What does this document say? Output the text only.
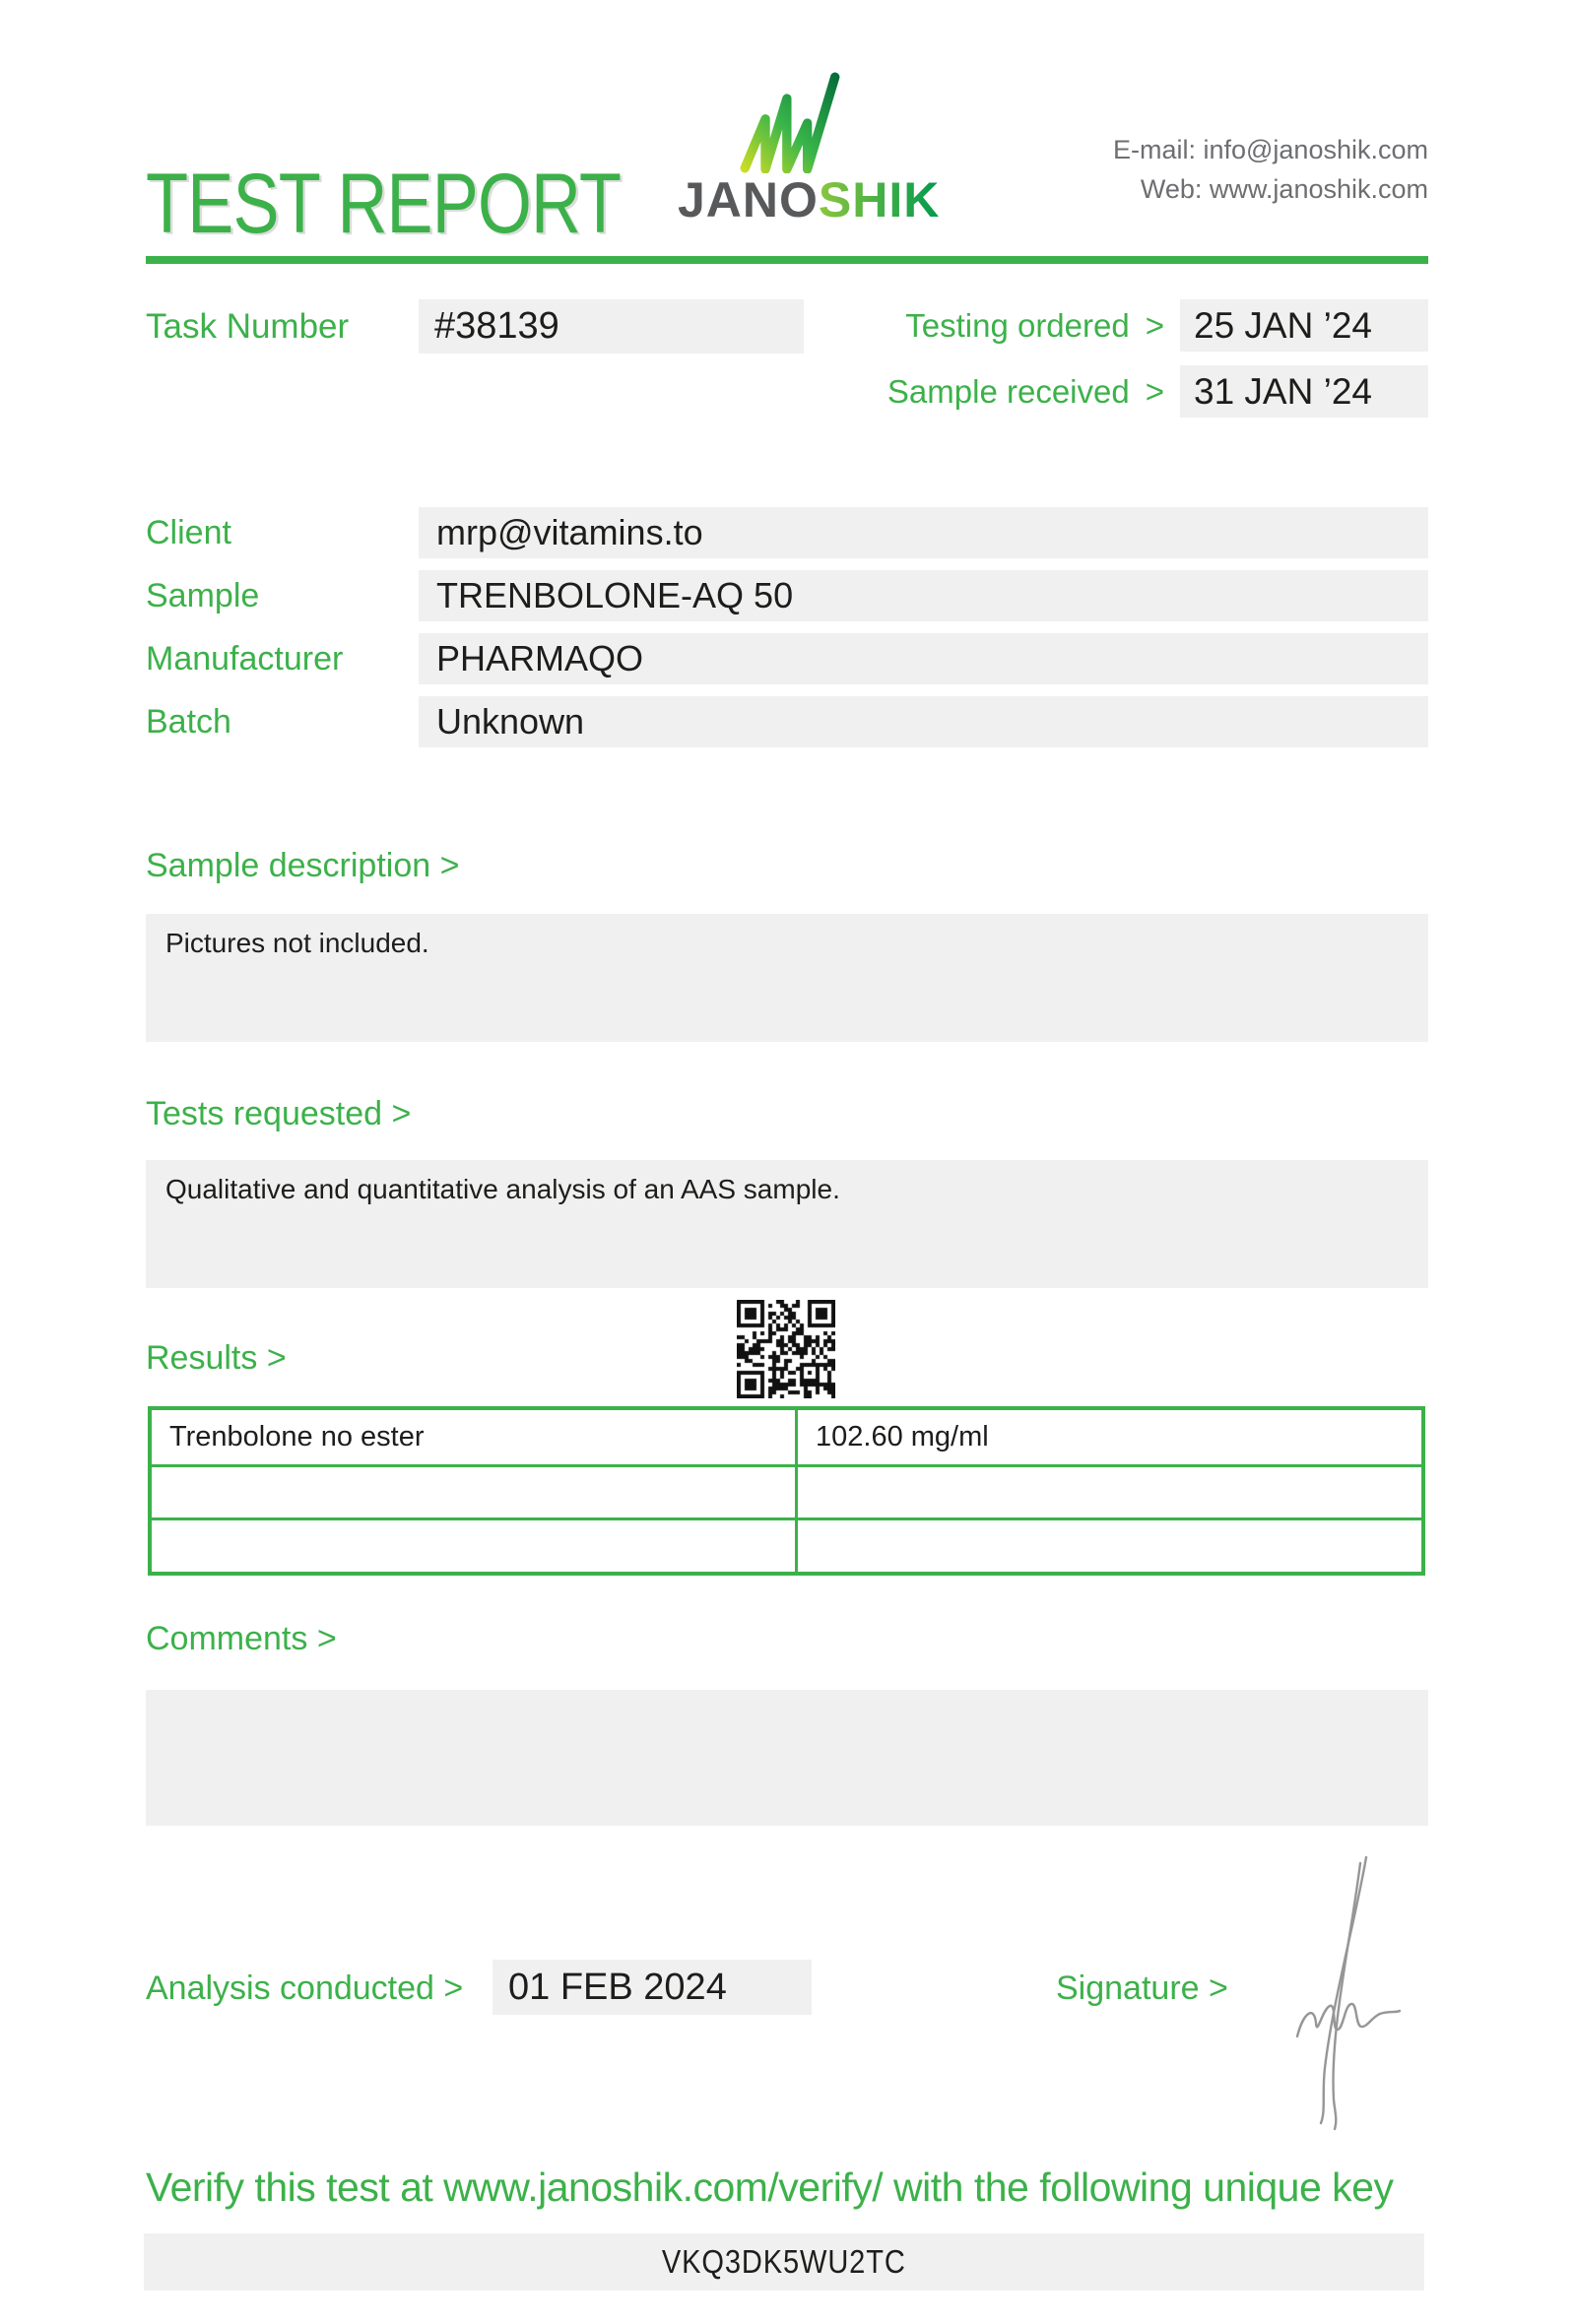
TEST REPORT JANOSHIK
E-mail: info@janoshik.com
Web: www.janoshik.com
Task Number	#38139	Testing ordered > 25 JAN ’24
Sample received > 31 JAN ’24
Client	mrp@vitamins.to
Sample	TRENBOLONE-AQ 50
Manufacturer	PHARMAQO
Batch	Unknown
Sample description >
Pictures not included.
Tests requested >
Qualitative and quantitative analysis of an AAS sample.
Results >
Trenbolone no ester	102.60 mg/ml
Comments >
Analysis conducted >	01 FEB 2024	Signature >
Verify this test at www.janoshik.com/verify/ with the following unique key
VKQ3DK5WU2TC
